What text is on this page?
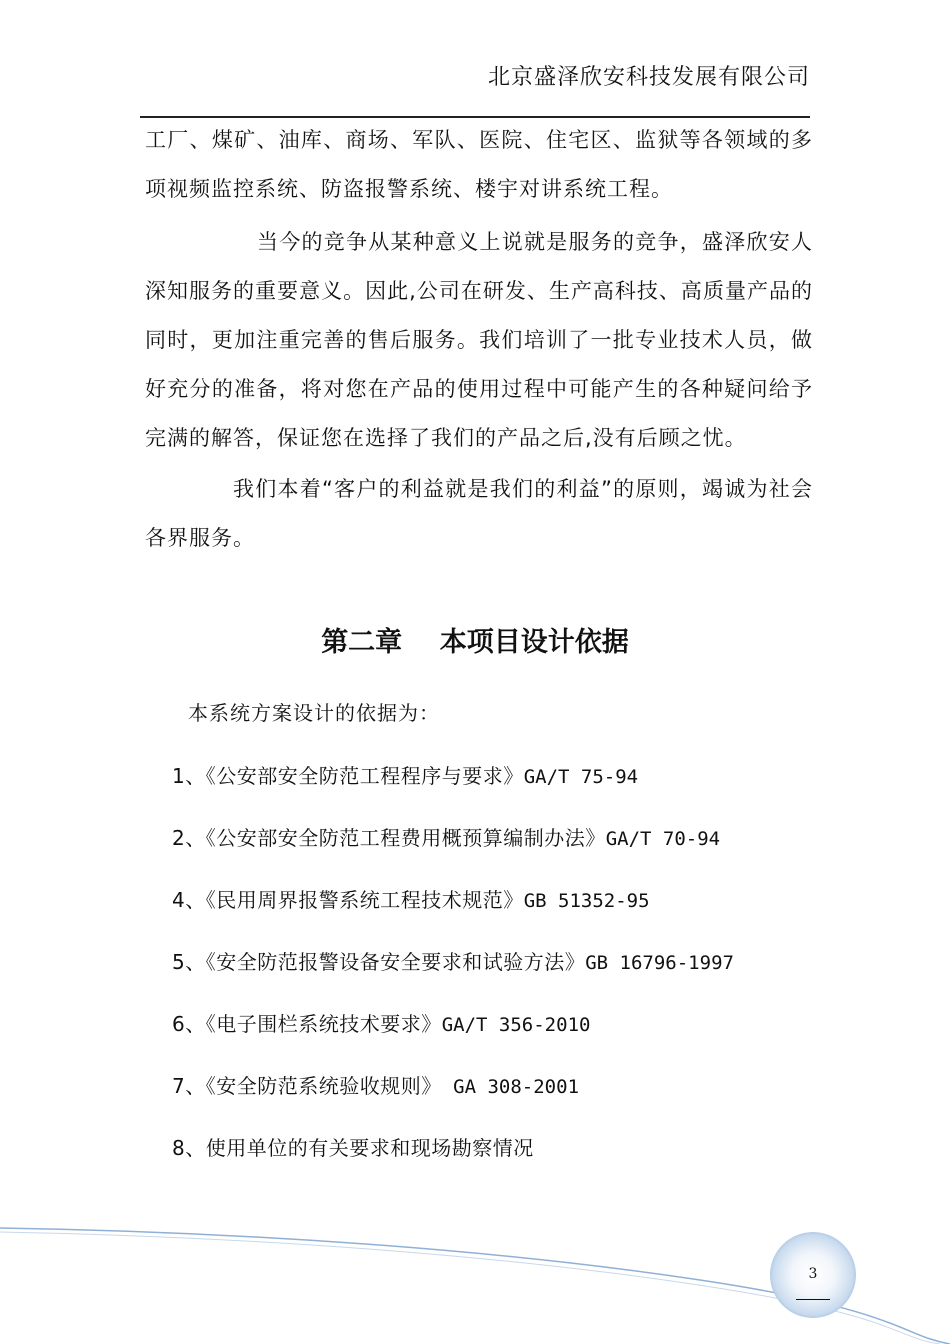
北京盛泽欣安科技发展有限公司

工厂、煤矿、油库、商场、军队、医院、住宅区、监狱等各领域的多项视频监控系统、防盗报警系统、楼宇对讲系统工程。

当今的竞争从某种意义上说就是服务的竞争，盛泽欣安人深知服务的重要意义。因此,公司在研发、生产高科技、高质量产品的同时，更加注重完善的售后服务。我们培训了一批专业技术人员，做好充分的准备，将对您在产品的使用过程中可能产生的各种疑问给予完满的解答，保证您在选择了我们的产品之后,没有后顾之忧。

我们本着“客户的利益就是我们的利益”的原则，竭诚为社会各界服务。

第二章    本项目设计依据
本系统方案设计的依据为：
1、《公安部安全防范工程程序与要求》GA/T 75-94
2、《公安部安全防范工程费用概预算编制办法》GA/T 70-94
4、《民用周界报警系统工程技术规范》GB 51352-95
5、《安全防范报警设备安全要求和试验方法》GB 16796-1997
6、《电子围栏系统技术要求》GA/T 356-2010
7、《安全防范系统验收规则》 GA 308-2001
8、使用单位的有关要求和现场勘察情况
3
